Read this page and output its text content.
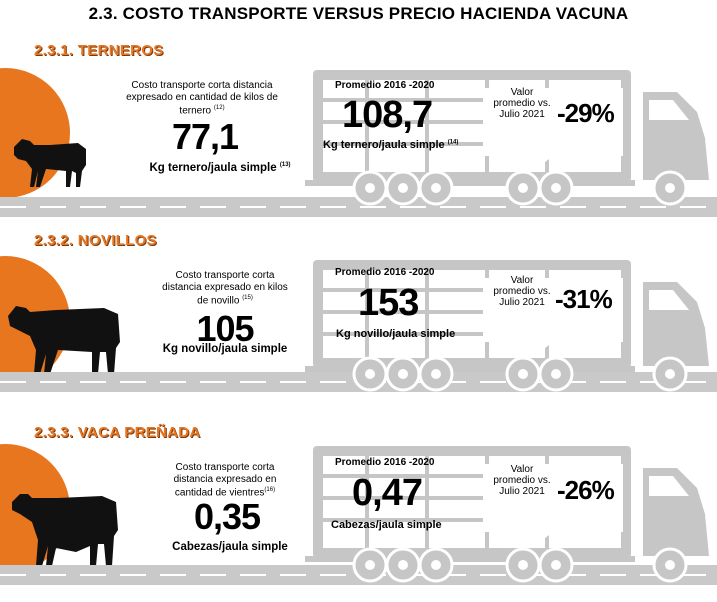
2.3. COSTO TRANSPORTE VERSUS PRECIO HACIENDA VACUNA
2.3.1. TERNEROS
Costo transporte corta distancia expresado en cantidad de kilos de ternero $^{(12)}$
77,1
Kg ternero/jaula simple $^{(13)}$
Promedio 2016 -2020
108,7
Kg ternero/jaula simple $^{(14)}$
Valor promedio vs. Julio 2021 -29%
2.3.2. NOVILLOS
Costo transporte corta distancia expresado en kilos de novillo $^{(15)}$
105
Kg novillo/jaula simple
Promedio 2016 -2020
153
Kg novillo/jaula simple
Valor promedio vs. Julio 2021 -31%
2.3.3. VACA PREÑADA
Costo transporte corta distancia expresado en cantidad de vientres$^{(16)}$
0,35
Cabezas/jaula simple
Promedio 2016 -2020
0,47
Cabezas/jaula simple
Valor promedio vs. Julio 2021 -26%
